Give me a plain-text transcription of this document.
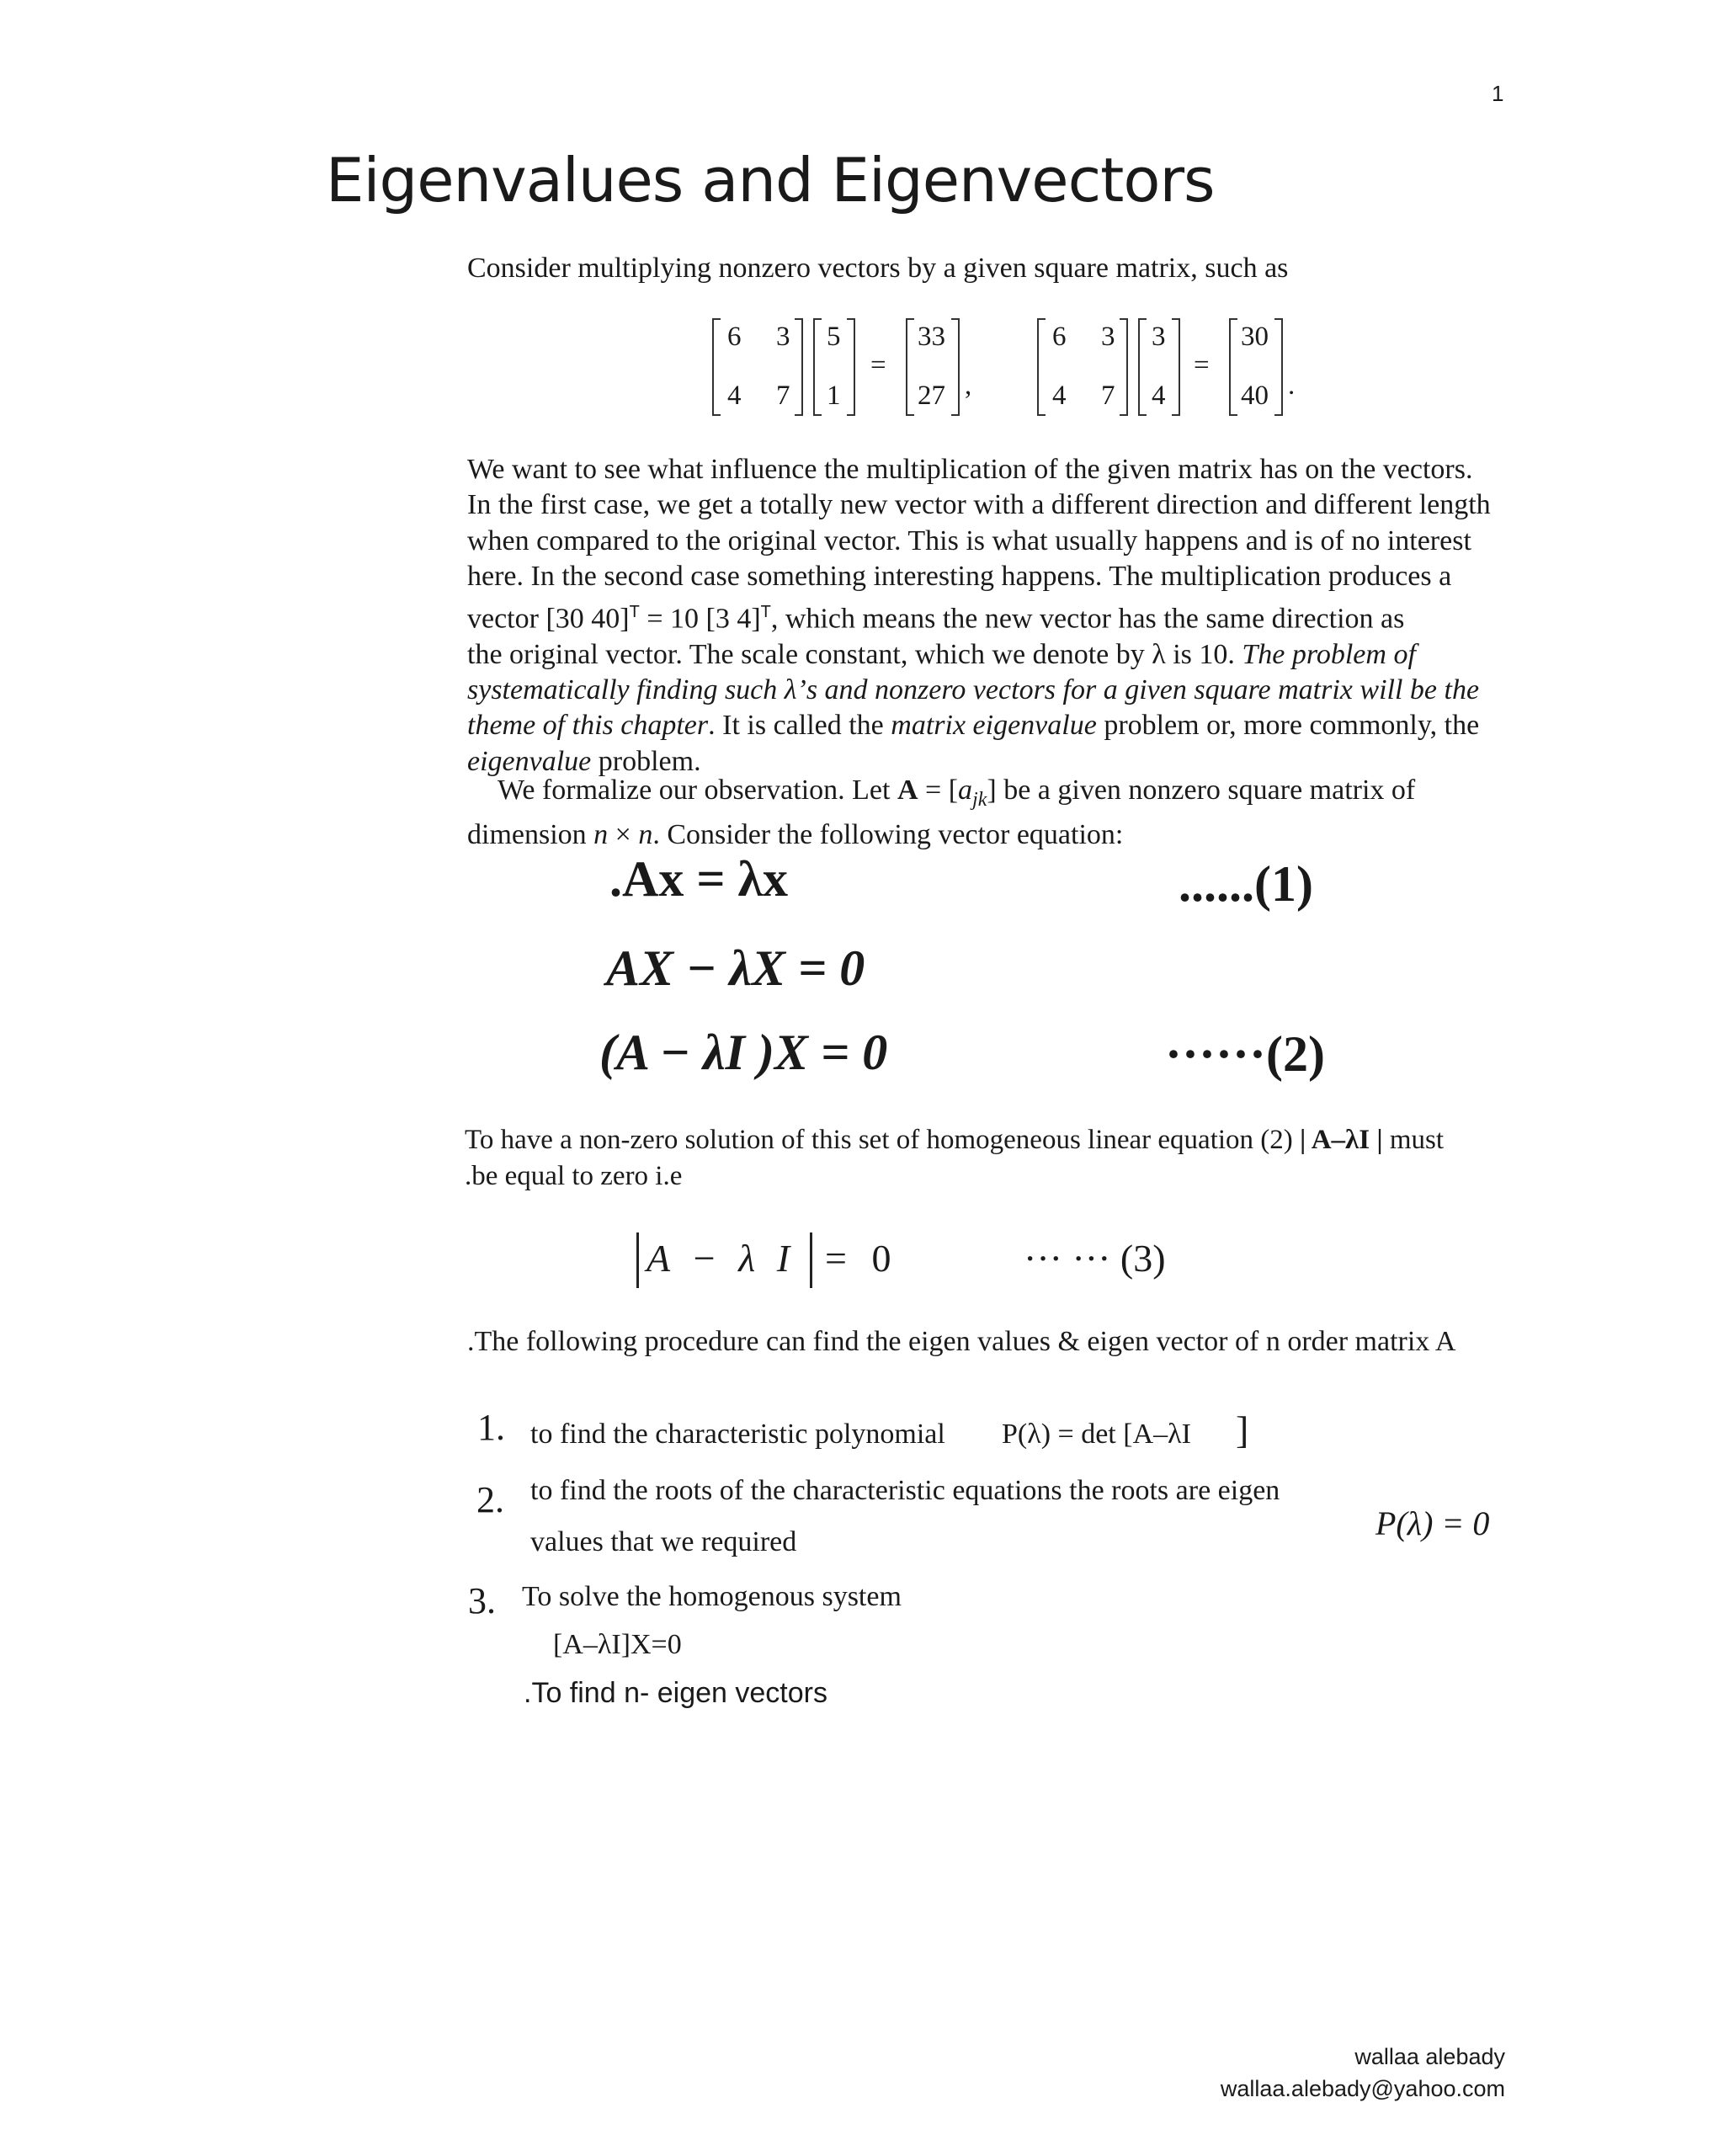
1
Eigenvalues and Eigenvectors
Consider multiplying nonzero vectors by a given square matrix, such as
6 3
4 7
5
1
=
33
27 ,
6 3
4 7
3
4
=
30
40 .
We want to see what influence the multiplication of the given matrix has on the vectors.
In the first case, we get a totally new vector with a different direction and different length
when compared to the original vector. This is what usually happens and is of no interest
here. In the second case something interesting happens. The multiplication produces a
vector [30 40]$^T$ = 10 [3 4]$^T$, which means the new vector has the same direction as
the original vector. The scale constant, which we denote by λ is 10. The problem of
systematically finding such λ’s and nonzero vectors for a given square matrix will be the
theme of this chapter. It is called the matrix eigenvalue problem or, more commonly, the
eigenvalue problem.
We formalize our observation. Let $A = [a_{jk}]$ be a given nonzero square matrix of
dimension n × n. Consider the following vector equation:
.Ax = λx	......(1)
AX − λX = 0
(A − λI )X = 0	······(2)
To have a non-zero solution of this set of homogeneous linear equation (2) | A–λI | must
.be equal to zero i.e
A − λ I = 0	··· ··· (3)
.The following procedure can find the eigen values & eigen vector of n order matrix A
1. to find the characteristic polynomial P(λ) = det [A–λI ]
2. to find the roots of the characteristic equations the roots are eigen
values that we required	P(λ) = 0
3. To solve the homogenous system
[A–λI]X=0
.To find n- eigen vectors
wallaa alebady
wallaa.alebady@yahoo.com
